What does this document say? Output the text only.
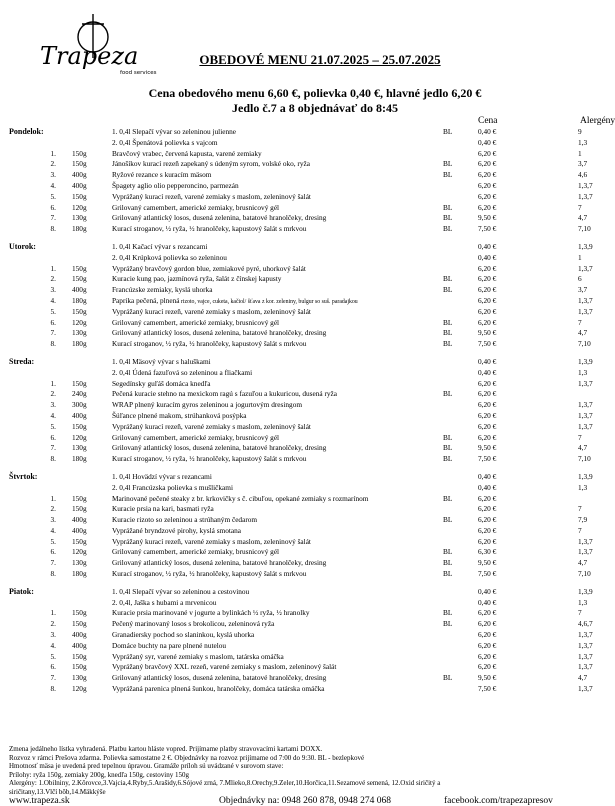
Trapeza
food services
OBEDOVÉ MENU 21.07.2025 – 25.07.2025
Cena obedového menu 6,60 €, polievka 0,40 €, hlavné jedlo 6,20 €
Jedlo č.7 a 8 objednávať do 8:45
Cena	Alergény
Pondelok:	1. 0,4l Slepačí vývar so zeleninou julienne	BL	0,40 €	9
2. 0,4l Špenátová polievka s vajcom	0,40 €	1,3
1. 150g	Bravčový vrabec, červená kapusta, varené zemiaky	6,20 €	1
2. 150g	Jánošíkov kurací rezeň zapekaný s údeným syrom, volské oko, ryža	BL	6,20 €	3,7
3. 400g	Ryžové rezance s kuracím mäsom	BL	6,20 €	4,6
4. 400g	Špagety aglio olio pepperoncino, parmezán	6,20 €	1,3,7
5. 150g	Vyprážaný kurací rezeň, varené zemiaky s maslom, zeleninový šalát	6,20 €	1,3,7
6. 120g	Grilovaný camembert, americké zemiaky, brusnicový gél	BL	6,20 €	7
7. 130g	Grilovaný atlantický losos, dusená zelenina, batatové hranolčeky, dresing	BL	9,50 €	4,7
8. 180g	Kurací stroganov, ½ ryža, ½ hranolčeky, kapustový šalát s mrkvou	BL	7,50 €	7,10
Utorok:	1. 0,4l Kačací vývar s rezancami	0,40 €	1,3,9
2. 0,4l Krúpková polievka so zeleninou	0,40 €	1
1. 150g	Vyprážaný bravčový gordon blue, zemiakové pyré, uhorkový šalát	6,20 €	1,3,7
2. 150g	Kuracie kung pao, jazmínová ryža, šalát z čínskej kapusty	BL	6,20 €	6
3. 400g	Francúzske zemiaky, kyslá uhorka	BL	6,20 €	3,7
4. 180g	Paprika pečená, plnená rizoto, vajce, cuketa, kačiol/ šťava z kor. zeleniny, bulgur so suš. paradajkou	6,20 €	1,3,7
5. 150g	Vyprážaný kurací rezeň, varené zemiaky s maslom, zeleninový šalát	6,20 €	1,3,7
6. 120g	Grilovaný camembert, americké zemiaky, brusnicový gél	BL	6,20 €	7
7. 130g	Grilovaný atlantický losos, dusená zelenina, batatové hranolčeky, dresing	BL	9,50 €	4,7
8. 180g	Kurací stroganov, ½ ryža, ½ hranolčeky, kapustový šalát s mrkvou	BL	7,50 €	7,10
Streda:	1. 0,4l Mäsový vývar s haluškami	0,40 €	1,3,9
2. 0,4l Údená fazuľová so zeleninou a fliačkami	0,40 €	1,3
1. 150g	Segedínsky guľáš domáca knedľa	6,20 €	1,3,7
2. 240g	Pečená kuracie stehno na mexickom ragú s fazuľou a kukuricou, dusená ryža	BL	6,20 €
3. 300g	WRAP plnený kuracím gyros zeleninou a jogurtovým dresingom	6,20 €	1,3,7
4. 400g	Šúľance plnené makom, strúhanková posýpka	6,20 €	1,3,7
5. 150g	Vyprážaný kurací rezeň, varené zemiaky s maslom, zeleninový šalát	6,20 €	1,3,7
6. 120g	Grilovaný camembert, americké zemiaky, brusnicový gél	BL	6,20 €	7
7. 130g	Grilovaný atlantický losos, dusená zelenina, batatové hranolčeky, dresing	BL	9,50 €	4,7
8. 180g	Kurací stroganov, ½ ryža, ½ hranolčeky, kapustový šalát s mrkvou	BL	7,50 €	7,10
Štvrtok:	1. 0,4l Hovädzí vývar s rezancami	0,40 €	1,3,9
2. 0,4l Francúzska polievka s mušličkami	0,40 €	1,3
1. 150g	Marinované pečené steaky z br. krkovičky s č. cibuľou, opekané zemiaky s rozmarínom	BL	6,20 €
2. 150g	Kuracie prsia na kari, basmati ryža	6,20 €	7
3. 400g	Kuracie rizoto so zeleninou a strúhaným čedarom	BL	6,20 €	7,9
4. 400g	Vyprážané bryndzové pirohy, kyslá smotana	6,20 €	7
5. 150g	Vyprážaný kurací rezeň, varené zemiaky s maslom, zeleninový šalát	6,20 €	1,3,7
6. 120g	Grilovaný camembert, americké zemiaky, brusnicový gél	BL	6,30 €	1,3,7
7. 130g	Grilovaný atlantický losos, dusená zelenina, batatové hranolčeky, dresing	BL	9,50 €	4,7
8. 180g	Kurací stroganov, ½ ryža, ½ hranolčeky, kapustový šalát s mrkvou	BL	7,50 €	7,10
Piatok:	1. 0,4l Slepačí vývar so zeleninou a cestovinou	0,40 €	1,3,9
2. 0,4l, Jaška s hubami a mrvenicou	0,40 €	1,3
1. 150g	Kuracie prsia marinované v jogurte a bylinkách ½ ryža, ½ hranolky	BL	6,20 €	7
2. 150g	Pečený marinovaný losos s brokolicou, zeleninová ryža	BL	6,20 €	4,6,7
3. 400g	Granadiersky pochod so slaninkou, kyslá uhorka	6,20 €	1,3,7
4. 400g	Domáce buchty na pare plnené nutelou	6,20 €	1,3,7
5. 150g	Vyprážaný syr, varené zemiaky s maslom, tatárska omáčka	6,20 €	1,3,7
6. 150g	Vyprážaný bravčový XXL rezeň, varené zemiaky s maslom, zeleninový šalát	6,20 €	1,3,7
7. 130g	Grilovaný atlantický losos, dusená zelenina, batatové hranolčeky, dresing	BL	9,50 €	4,7
8. 120g	Vyprážaná parenica plnená šunkou, hranolčeky, domáca tatárska omáčka	7,50 €	1,3,7
Zmena jedálneho lístka vyhradená. Platbu kartou hláste vopred. Prijímame platby stravovacími kartami DOXX.
Rozvoz v rámci Prešova zdarma. Polievka samostatne 2 €. Objednávky na rozvoz prijímame od 7:00 do 9:30. BL - bezlepkové
Hmotnosť mäsa je uvedená pred tepelnou úpravou. Gramáže príloh sú uvádzané v surovom stave:
Prílohy: ryža 150g, zemiaky 200g, knedľa 150g, cestoviny 150g
Alergény: 1.Obilniny, 2.Kôrovce,3.Vajcia,4.Ryby,5.Arašidy,6.Sójové zrná, 7.Mlieko,8.Orechy,9.Zeler,10.Horčica,11.Sezamové semená, 12.Oxid siričitý a
siričitany,13.Vlčí bôb,14.Mäkkýše
www.trapeza.sk	Objednávky na: 0948 260 878, 0948 274 068	facebook.com/trapezapresov
